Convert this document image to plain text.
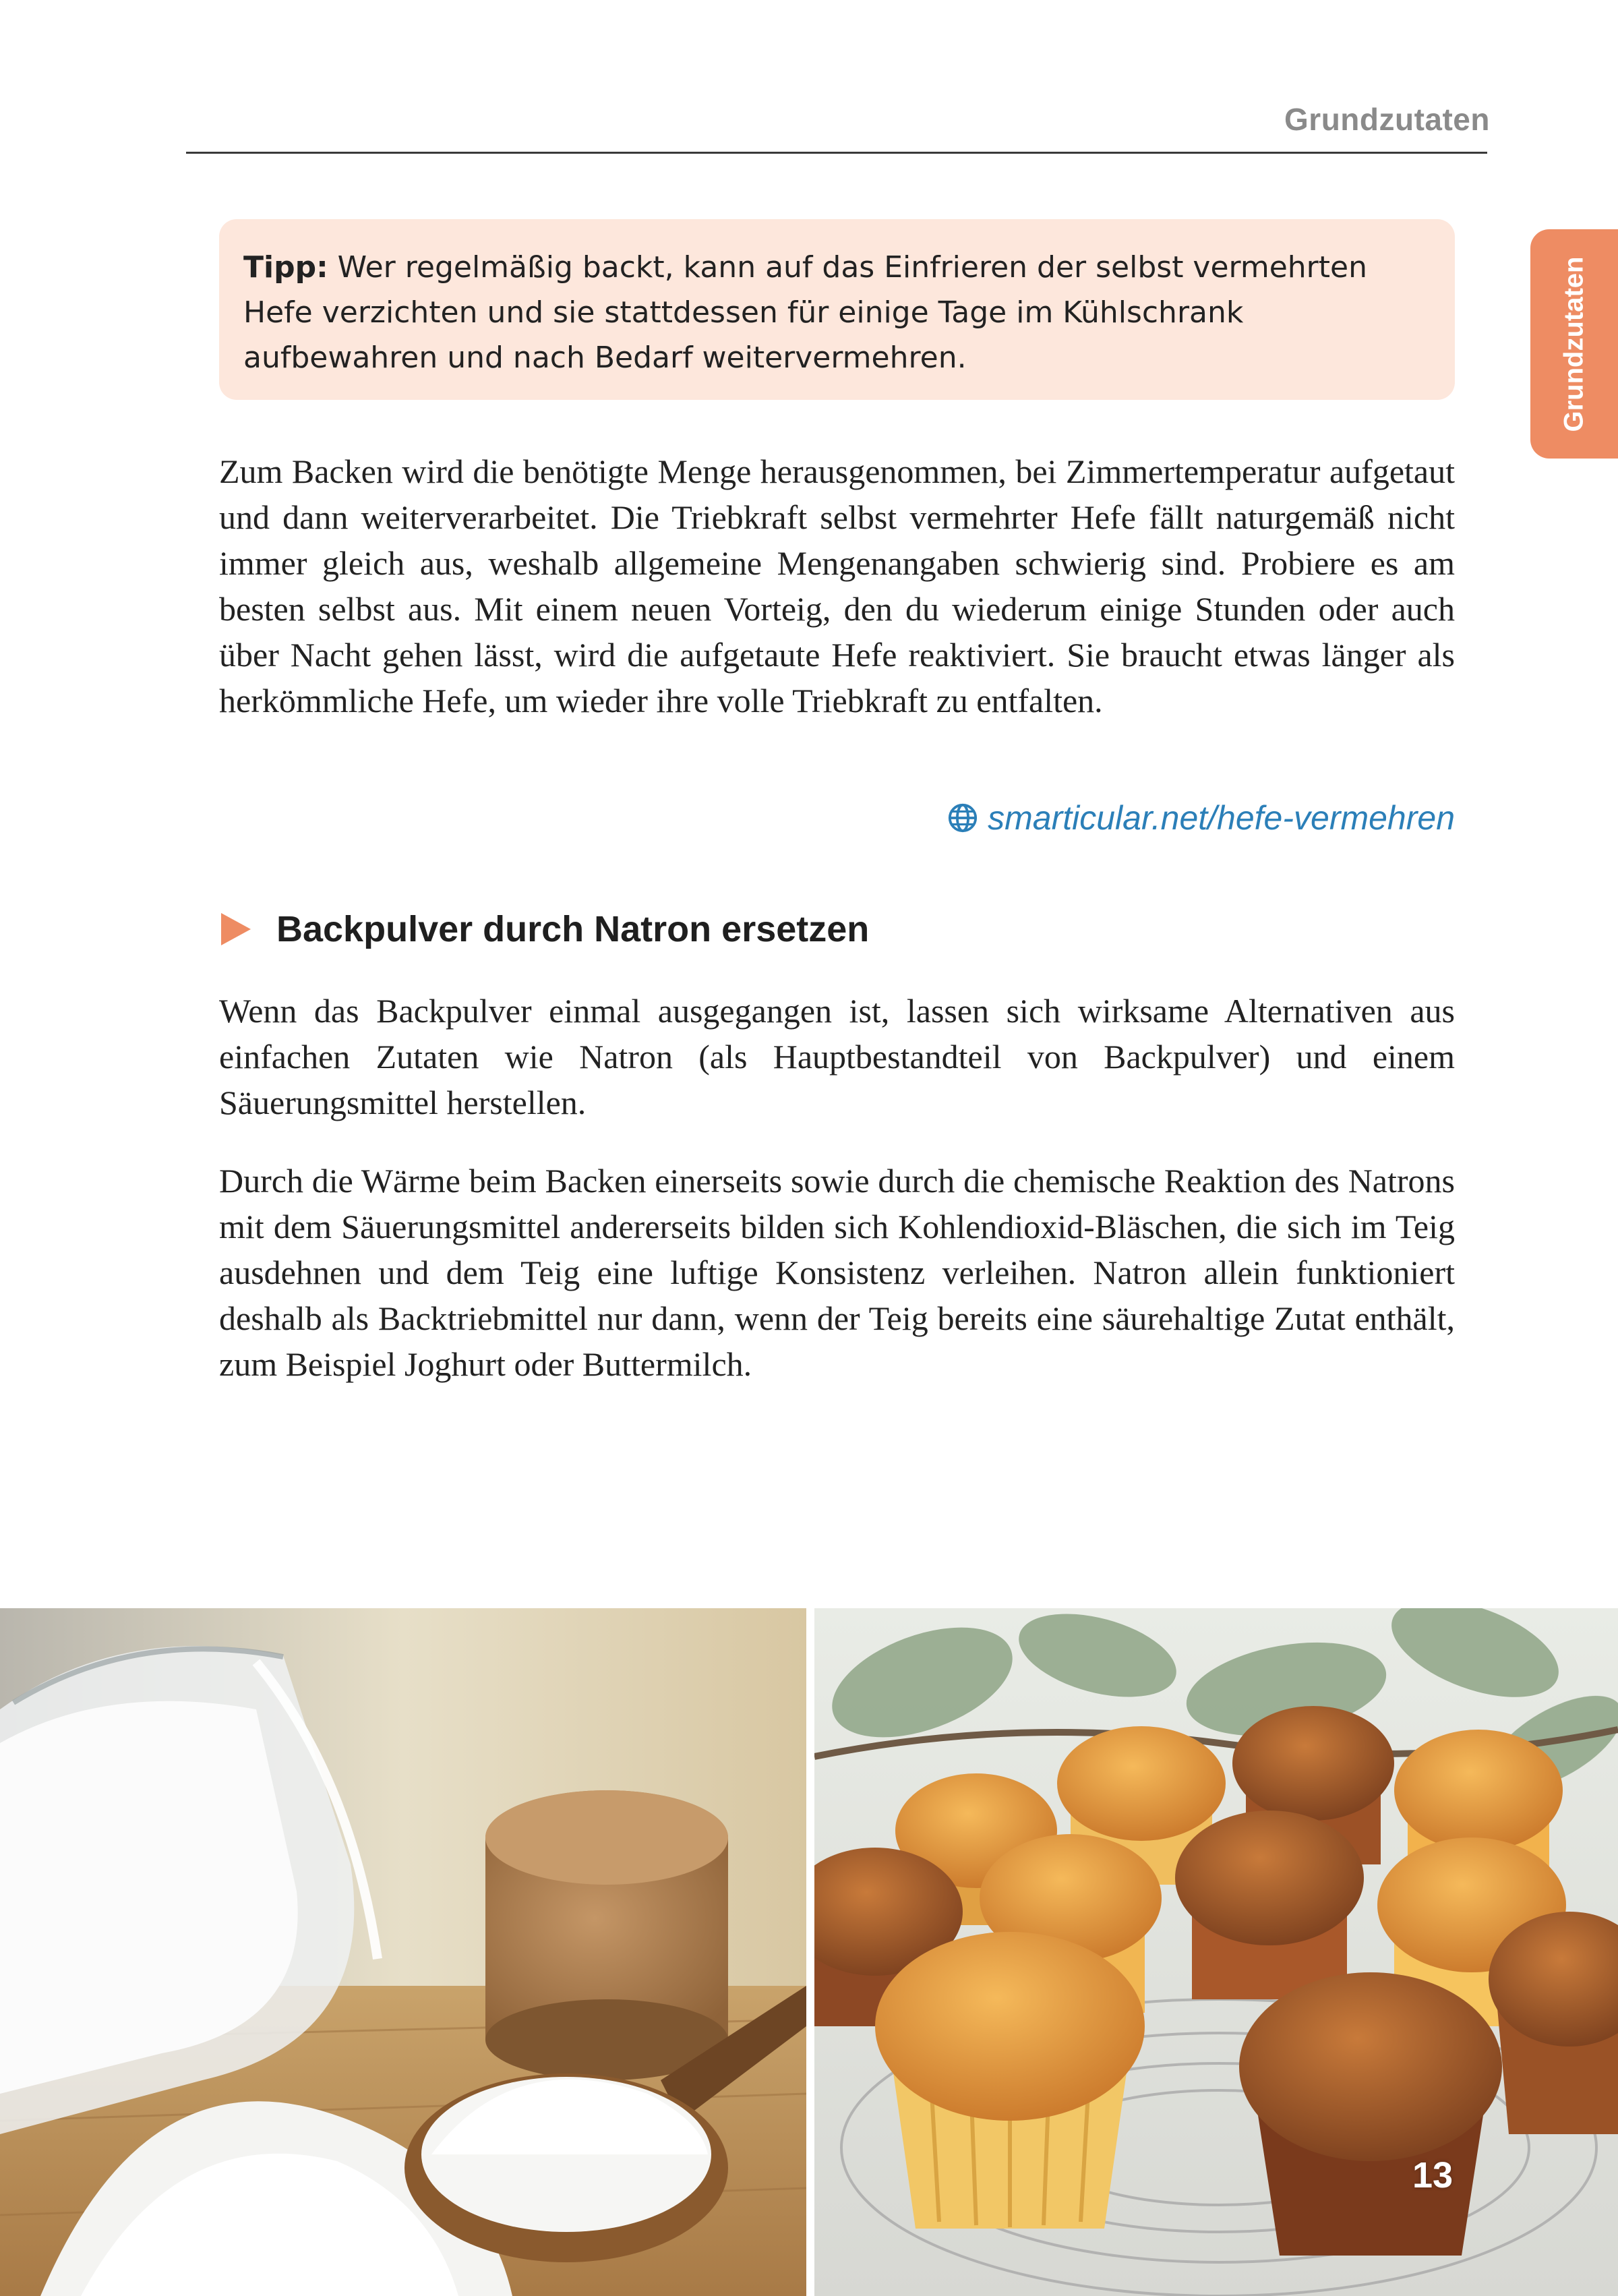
Grundzutaten
Grundzutaten
Tipp: Wer regelmäßig backt, kann auf das Einfrieren der selbst vermehrten Hefe verzichten und sie stattdessen für einige Tage im Kühlschrank aufbewahren und nach Bedarf weitervermehren.

Zum Backen wird die benötigte Menge herausgenommen, bei Zimmertemperatur aufgetaut und dann weiterverarbeitet. Die Triebkraft selbst vermehrter Hefe fällt naturgemäß nicht immer gleich aus, weshalb allgemeine Mengenangaben schwierig sind. Probiere es am besten selbst aus. Mit einem neuen Vorteig, den du wiederum einige Stunden oder auch über Nacht gehen lässt, wird die aufgetaute Hefe reaktiviert. Sie braucht etwas länger als herkömmliche Hefe, um wieder ihre volle Triebkraft zu entfalten.

smarticular.net/hefe-vermehren
Backpulver durch Natron ersetzen

Wenn das Backpulver einmal ausgegangen ist, lassen sich wirksame Alternativen aus einfachen Zutaten wie Natron (als Hauptbestandteil von Backpulver) und einem Säuerungsmittel herstellen.

Durch die Wärme beim Backen einerseits sowie durch die chemische Reaktion des Natrons mit dem Säuerungsmittel andererseits bilden sich Kohlendioxid-Bläschen, die sich im Teig ausdehnen und dem Teig eine luftige Konsistenz verleihen. Natron allein funktioniert deshalb als Backtriebmittel nur dann, wenn der Teig bereits eine säurehaltige Zutat enthält, zum Beispiel Joghurt oder Buttermilch.

13
